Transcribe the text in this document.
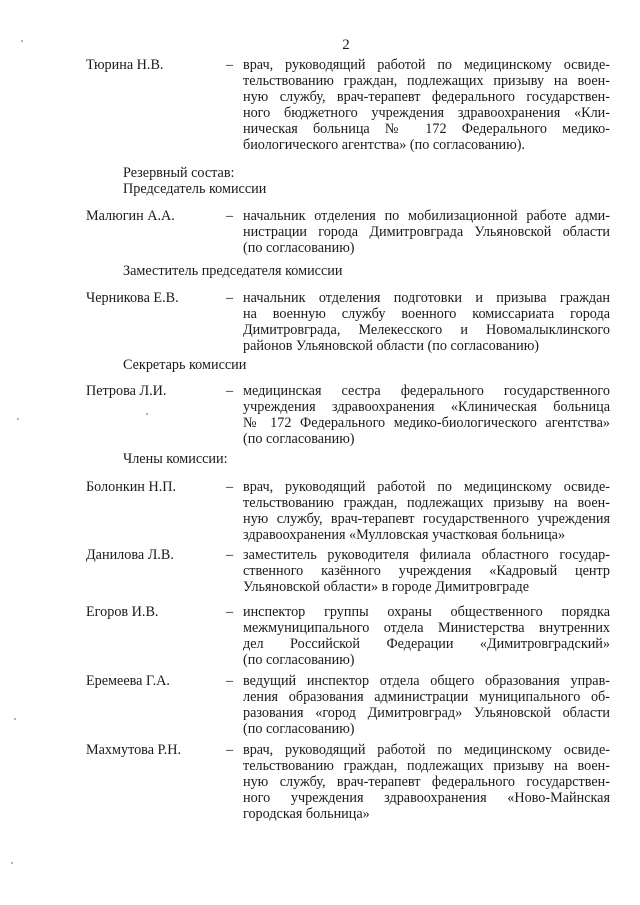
2
Тюрина Н.В.	– врач, руководящий работой по медицинскому освиде-
тельствованию граждан, подлежащих призыву на воен-
ную службу, врач-терапевт федерального государствен-
ного бюджетного учреждения здравоохранения «Кли-
ническая больница № 172 Федерального медико-
биологического агентства» (по согласованию).
Резервный состав:
Председатель комиссии
Малюгин А.А.	– начальник отделения по мобилизационной работе адми-
нистрации города Димитровграда Ульяновской области
(по согласованию)
Заместитель председателя комиссии
Черникова Е.В.	– начальник отделения подготовки и призыва граждан
на военную службу военного комиссариата города
Димитровграда, Мелекесского и Новомалыклинского
районов Ульяновской области (по согласованию)
Секретарь комиссии
Петрова Л.И.	– медицинская сестра федерального государственного
учреждения здравоохранения «Клиническая больница
№ 172 Федерального медико-биологического агентства»
(по согласованию)
Члены комиссии:
Болонкин Н.П.	– врач, руководящий работой по медицинскому освиде-
тельствованию граждан, подлежащих призыву на воен-
ную службу, врач-терапевт государственного учреждения
здравоохранения «Мулловская участковая больница»
Данилова Л.В.	– заместитель руководителя филиала областного государ-
ственного казённого учреждения «Кадровый центр
Ульяновской области» в городе Димитровграде
Егоров И.В.	– инспектор группы охраны общественного порядка
межмуниципального отдела Министерства внутренних
дел Российской Федерации «Димитровградский»
(по согласованию)
Еремеева Г.А.	– ведущий инспектор отдела общего образования управ-
ления образования администрации муниципального об-
разования «город Димитровград» Ульяновской области
(по согласованию)
Махмутова Р.Н.	– врач, руководящий работой по медицинскому освиде-
тельствованию граждан, подлежащих призыву на воен-
ную службу, врач-терапевт федерального государствен-
ного учреждения здравоохранения «Ново-Майнская
городская больница»
